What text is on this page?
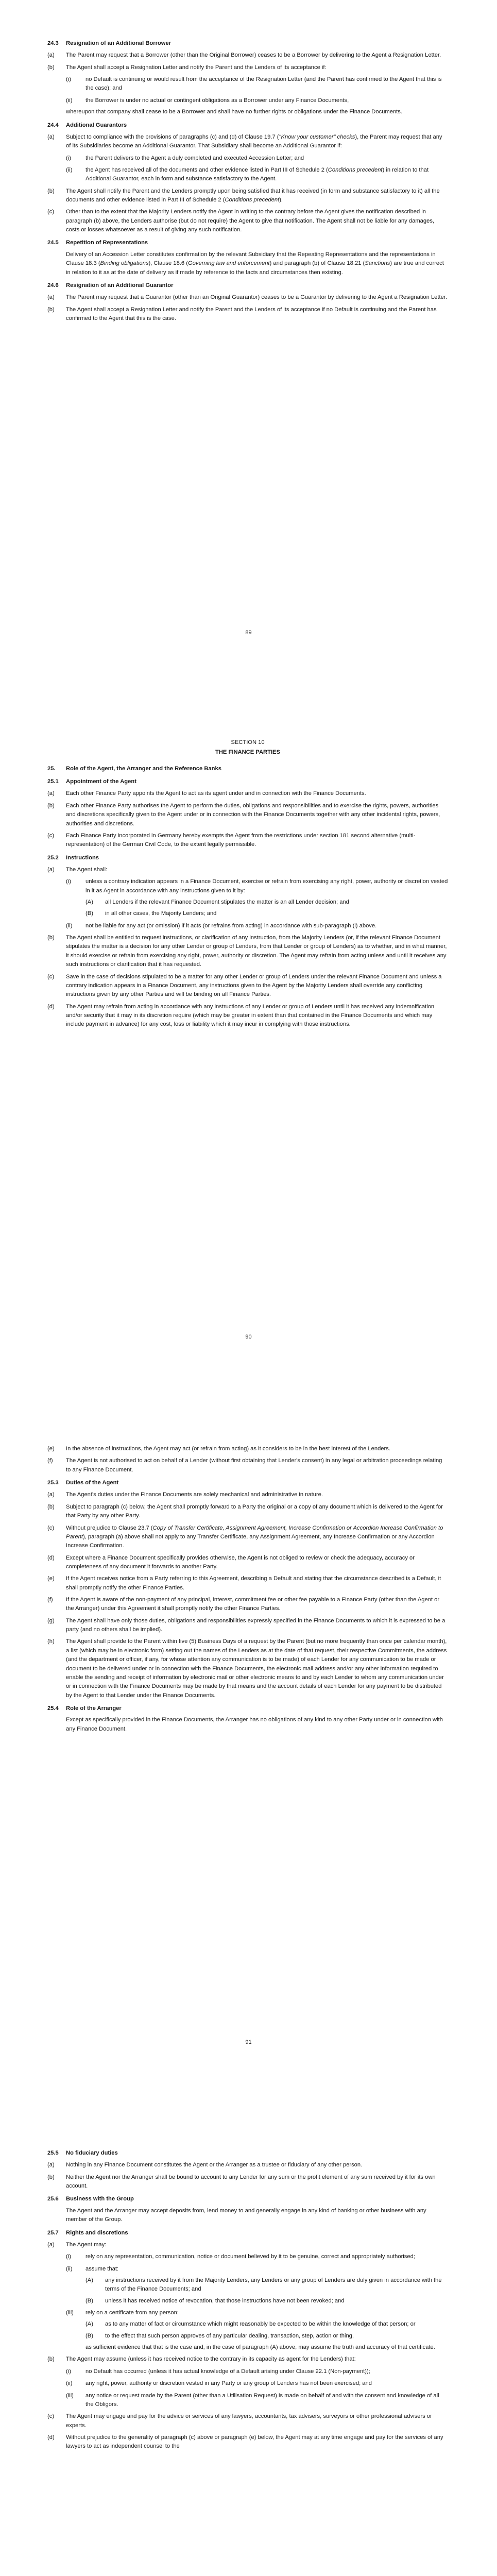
24.3	Resignation of an Additional Borrower
(a)	The Parent may request that a Borrower (other than the Original Borrower) ceases to be a Borrower by delivering to the Agent a Resignation Letter.
(b)	The Agent shall accept a Resignation Letter and notify the Parent and the Lenders of its acceptance if:
(i)	no Default is continuing or would result from the acceptance of the Resignation Letter (and the Parent has confirmed to the Agent that this is the case); and
(ii)	the Borrower is under no actual or contingent obligations as a Borrower under any Finance Documents,
whereupon that company shall cease to be a Borrower and shall have no further rights or obligations under the Finance Documents.
24.4	Additional Guarantors
(a)	Subject to compliance with the provisions of paragraphs (c) and (d) of Clause 19.7 ("Know your customer" checks), the Parent may request that any of its Subsidiaries become an Additional Guarantor. That Subsidiary shall become an Additional Guarantor if:
(i)	the Parent delivers to the Agent a duly completed and executed Accession Letter; and
(ii)	the Agent has received all of the documents and other evidence listed in Part III of Schedule 2 (Conditions precedent) in relation to that Additional Guarantor, each in form and substance satisfactory to the Agent.
(b)	The Agent shall notify the Parent and the Lenders promptly upon being satisfied that it has received (in form and substance satisfactory to it) all the documents and other evidence listed in Part III of Schedule 2 (Conditions precedent).
(c)	Other than to the extent that the Majority Lenders notify the Agent in writing to the contrary before the Agent gives the notification described in paragraph (b) above, the Lenders authorise (but do not require) the Agent to give that notification. The Agent shall not be liable for any damages, costs or losses whatsoever as a result of giving any such notification.
24.5	Repetition of Representations
Delivery of an Accession Letter constitutes confirmation by the relevant Subsidiary that the Repeating Representations and the representations in Clause 18.3 (Binding obligations), Clause 18.6 (Governing law and enforcement) and paragraph (b) of Clause 18.21 (Sanctions) are true and correct in relation to it as at the date of delivery as if made by reference to the facts and circumstances then existing.
24.6	Resignation of an Additional Guarantor
(a)	The Parent may request that a Guarantor (other than an Original Guarantor) ceases to be a Guarantor by delivering to the Agent a Resignation Letter.
(b)	The Agent shall accept a Resignation Letter and notify the Parent and the Lenders of its acceptance if no Default is continuing and the Parent has confirmed to the Agent that this is the case.
89
SECTION 10
THE FINANCE PARTIES
25.	Role of the Agent, the Arranger and the Reference Banks
25.1	Appointment of the Agent
(a)	Each other Finance Party appoints the Agent to act as its agent under and in connection with the Finance Documents.
(b)	Each other Finance Party authorises the Agent to perform the duties, obligations and responsibilities and to exercise the rights, powers, authorities and discretions specifically given to the Agent under or in connection with the Finance Documents together with any other incidental rights, powers, authorities and discretions.
(c)	Each Finance Party incorporated in Germany hereby exempts the Agent from the restrictions under section 181 second alternative (multi-representation) of the German Civil Code, to the extent legally permissible.
25.2	Instructions
(a)	The Agent shall:
(i)	unless a contrary indication appears in a Finance Document, exercise or refrain from exercising any right, power, authority or discretion vested in it as Agent in accordance with any instructions given to it by:
(A)	all Lenders if the relevant Finance Document stipulates the matter is an all Lender decision; and
(B)	in all other cases, the Majority Lenders; and
(ii)	not be liable for any act (or omission) if it acts (or refrains from acting) in accordance with sub-paragraph (i) above.
(b)	The Agent shall be entitled to request instructions, or clarification of any instruction, from the Majority Lenders (or, if the relevant Finance Document stipulates the matter is a decision for any other Lender or group of Lenders, from that Lender or group of Lenders) as to whether, and in what manner, it should exercise or refrain from exercising any right, power, authority or discretion. The Agent may refrain from acting unless and until it receives any such instructions or clarification that it has requested.
(c)	Save in the case of decisions stipulated to be a matter for any other Lender or group of Lenders under the relevant Finance Document and unless a contrary indication appears in a Finance Document, any instructions given to the Agent by the Majority Lenders shall override any conflicting instructions given by any other Parties and will be binding on all Finance Parties.
(d)	The Agent may refrain from acting in accordance with any instructions of any Lender or group of Lenders until it has received any indemnification and/or security that it may in its discretion require (which may be greater in extent than that contained in the Finance Documents and which may include payment in advance) for any cost, loss or liability which it may incur in complying with those instructions.
90
(e)	In the absence of instructions, the Agent may act (or refrain from acting) as it considers to be in the best interest of the Lenders.
(f)	The Agent is not authorised to act on behalf of a Lender (without first obtaining that Lender's consent) in any legal or arbitration proceedings relating to any Finance Document.
25.3	Duties of the Agent
(a)	The Agent's duties under the Finance Documents are solely mechanical and administrative in nature.
(b)	Subject to paragraph (c) below, the Agent shall promptly forward to a Party the original or a copy of any document which is delivered to the Agent for that Party by any other Party.
(c)	Without prejudice to Clause 23.7 (Copy of Transfer Certificate, Assignment Agreement, Increase Confirmation or Accordion Increase Confirmation to Parent), paragraph (a) above shall not apply to any Transfer Certificate, any Assignment Agreement, any Increase Confirmation or any Accordion Increase Confirmation.
(d)	Except where a Finance Document specifically provides otherwise, the Agent is not obliged to review or check the adequacy, accuracy or completeness of any document it forwards to another Party.
(e)	If the Agent receives notice from a Party referring to this Agreement, describing a Default and stating that the circumstance described is a Default, it shall promptly notify the other Finance Parties.
(f)	If the Agent is aware of the non-payment of any principal, interest, commitment fee or other fee payable to a Finance Party (other than the Agent or the Arranger) under this Agreement it shall promptly notify the other Finance Parties.
(g)	The Agent shall have only those duties, obligations and responsibilities expressly specified in the Finance Documents to which it is expressed to be a party (and no others shall be implied).
(h)	The Agent shall provide to the Parent within five (5) Business Days of a request by the Parent (but no more frequently than once per calendar month), a list (which may be in electronic form) setting out the names of the Lenders as at the date of that request, their respective Commitments, the address (and the department or officer, if any, for whose attention any communication is to be made) of each Lender for any communication to be made or document to be delivered under or in connection with the Finance Documents, the electronic mail address and/or any other information required to enable the sending and receipt of information by electronic mail or other electronic means to and by each Lender to whom any communication under or in connection with the Finance Documents may be made by that means and the account details of each Lender for any payment to be distributed by the Agent to that Lender under the Finance Documents.
25.4	Role of the Arranger
Except as specifically provided in the Finance Documents, the Arranger has no obligations of any kind to any other Party under or in connection with any Finance Document.
91
25.5	No fiduciary duties
(a)	Nothing in any Finance Document constitutes the Agent or the Arranger as a trustee or fiduciary of any other person.
(b)	Neither the Agent nor the Arranger shall be bound to account to any Lender for any sum or the profit element of any sum received by it for its own account.
25.6	Business with the Group
The Agent and the Arranger may accept deposits from, lend money to and generally engage in any kind of banking or other business with any member of the Group.
25.7	Rights and discretions
(a)	The Agent may:
(i)	rely on any representation, communication, notice or document believed by it to be genuine, correct and appropriately authorised;
(ii)	assume that:
(A)	any instructions received by it from the Majority Lenders, any Lenders or any group of Lenders are duly given in accordance with the terms of the Finance Documents; and
(B)	unless it has received notice of revocation, that those instructions have not been revoked; and
(iii)	rely on a certificate from any person:
(A)	as to any matter of fact or circumstance which might reasonably be expected to be within the knowledge of that person; or
(B)	to the effect that such person approves of any particular dealing, transaction, step, action or thing,
as sufficient evidence that that is the case and, in the case of paragraph (A) above, may assume the truth and accuracy of that certificate.
(b)	The Agent may assume (unless it has received notice to the contrary in its capacity as agent for the Lenders) that:
(i)	no Default has occurred (unless it has actual knowledge of a Default arising under Clause 22.1 (Non-payment));
(ii)	any right, power, authority or discretion vested in any Party or any group of Lenders has not been exercised; and
(iii)	any notice or request made by the Parent (other than a Utilisation Request) is made on behalf of and with the consent and knowledge of all the Obligors.
(c)	The Agent may engage and pay for the advice or services of any lawyers, accountants, tax advisers, surveyors or other professional advisers or experts.
(d)	Without prejudice to the generality of paragraph (c) above or paragraph (e) below, the Agent may at any time engage and pay for the services of any lawyers to act as independent counsel to the
